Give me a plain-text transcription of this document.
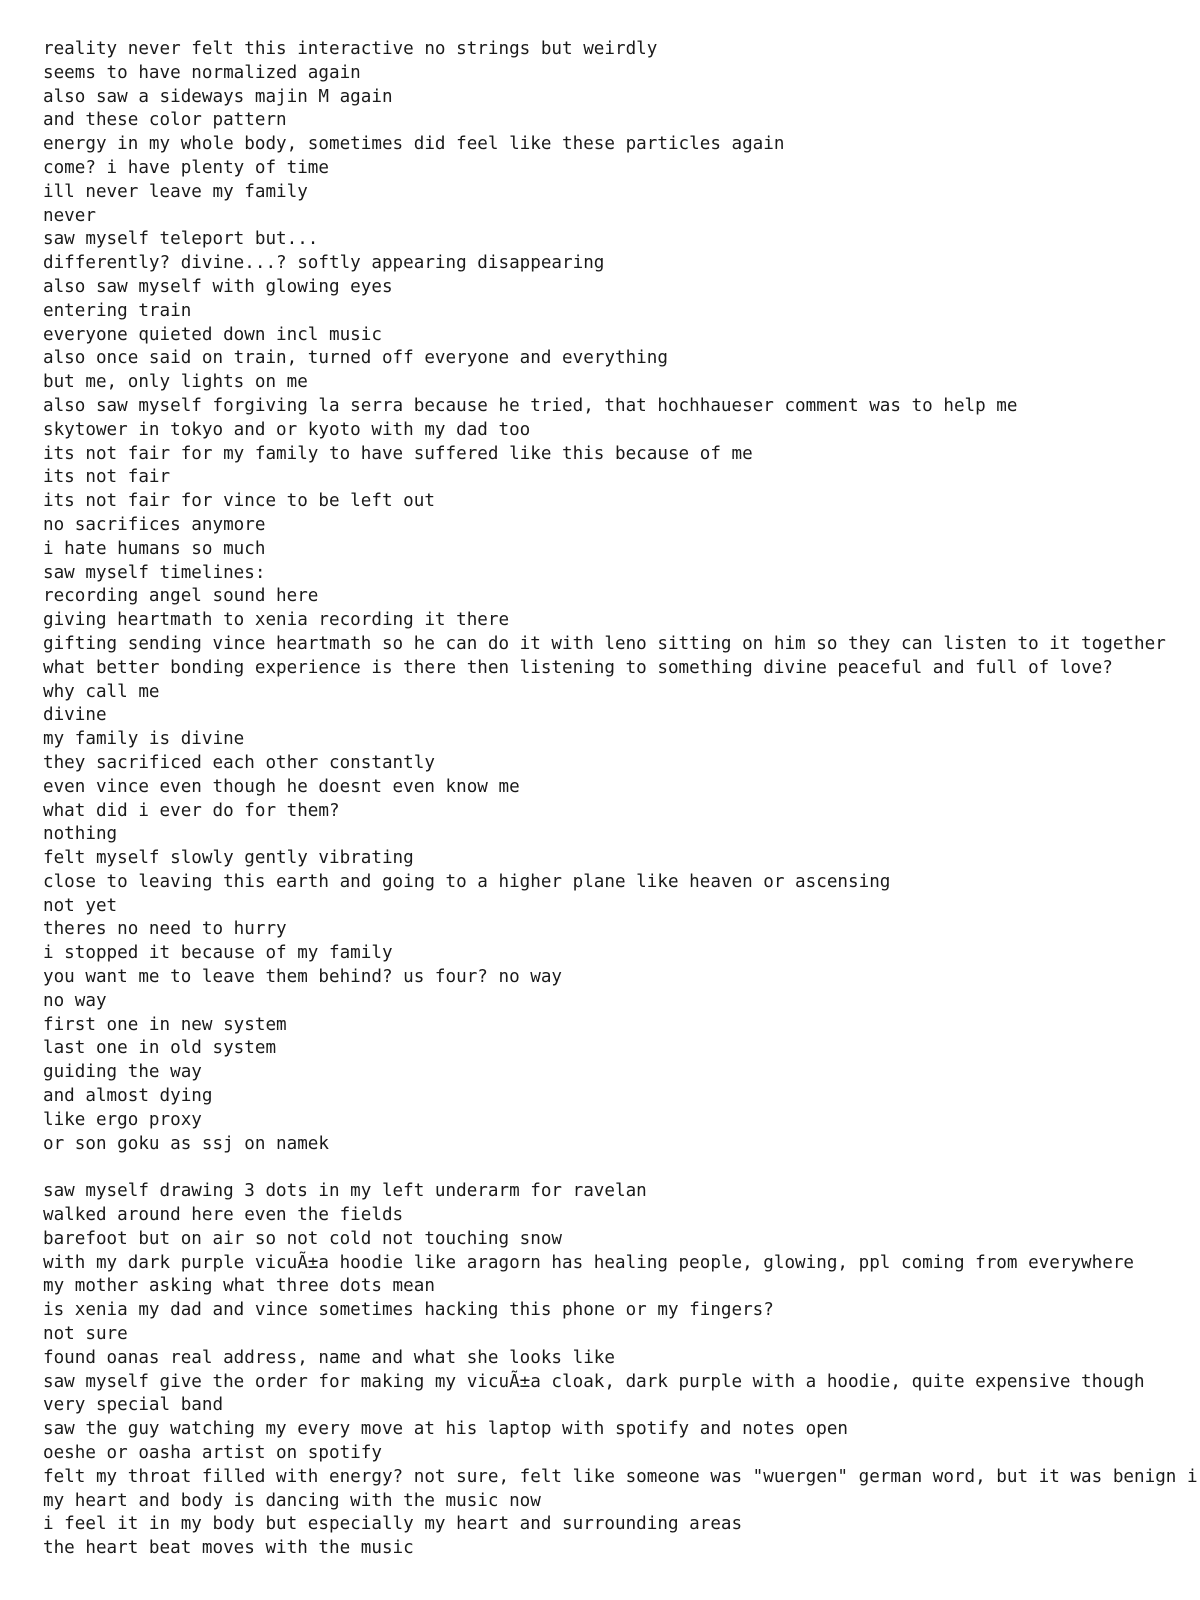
reality never felt this interactive no strings but weirdly
seems to have normalized again
also saw a sideways majin M again
and these color pattern
energy in my whole body, sometimes did feel like these particles again
come? i have plenty of time
ill never leave my family
never
saw myself teleport but...
differently? divine...? softly appearing disappearing
also saw myself with glowing eyes
entering train
everyone quieted down incl music
also once said on train, turned off everyone and everything
but me, only lights on me
also saw myself forgiving la serra because he tried, that hochhaueser comment was to help me
skytower in tokyo and or kyoto with my dad too
its not fair for my family to have suffered like this because of me
its not fair
its not fair for vince to be left out
no sacrifices anymore
i hate humans so much
saw myself timelines:
recording angel sound here
giving heartmath to xenia recording it there
gifting sending vince heartmath so he can do it with leno sitting on him so they can listen to it together
what better bonding experience is there then listening to something divine peaceful and full of love?
why call me
divine
my family is divine
they sacrificed each other constantly
even vince even though he doesnt even know me
what did i ever do for them?
nothing
felt myself slowly gently vibrating
close to leaving this earth and going to a higher plane like heaven or ascensing
not yet
theres no need to hurry
i stopped it because of my family
you want me to leave them behind? us four? no way
no way
first one in new system
last one in old system
guiding the way
and almost dying
like ergo proxy
or son goku as ssj on namek

saw myself drawing 3 dots in my left underarm for ravelan
walked around here even the fields
barefoot but on air so not cold not touching snow
with my dark purple vicuÃ±a hoodie like aragorn has healing people, glowing, ppl coming from everywhere
my mother asking what three dots mean
is xenia my dad and vince sometimes hacking this phone or my fingers?
not sure
found oanas real address, name and what she looks like
saw myself give the order for making my vicuÃ±a cloak, dark purple with a hoodie, quite expensive though
very special band
saw the guy watching my every move at his laptop with spotify and notes open
oeshe or oasha artist on spotify
felt my throat filled with energy? not sure, felt like someone was "wuergen" german word, but it was benign i
my heart and body is dancing with the music now
i feel it in my body but especially my heart and surrounding areas
the heart beat moves with the music
